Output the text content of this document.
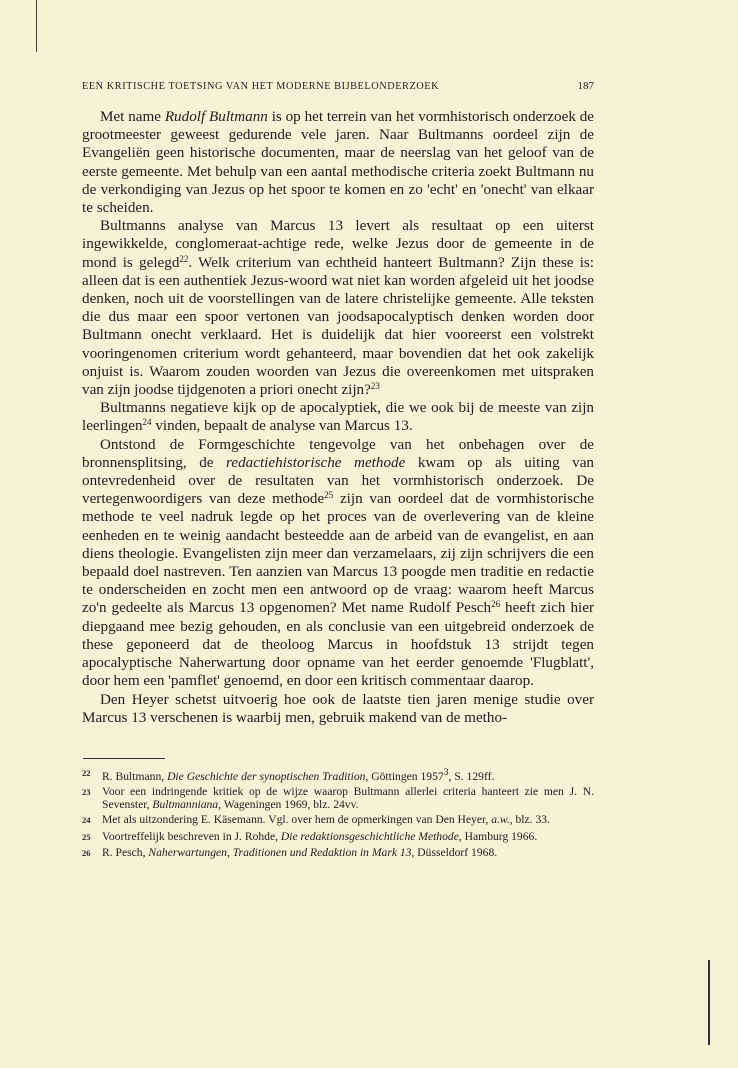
EEN KRITISCHE TOETSING VAN HET MODERNE BIJBELONDERZOEK	187

Met name Rudolf Bultmann is op het terrein van het vormhistorisch onderzoek de grootmeester geweest gedurende vele jaren. Naar Bultmanns oordeel zijn de Evangeliën geen historische documenten, maar de neerslag van het geloof van de eerste gemeente. Met behulp van een aantal methodische criteria zoekt Bultmann nu de verkondiging van Jezus op het spoor te komen en zo 'echt' en 'onecht' van elkaar te scheiden.

Bultmanns analyse van Marcus 13 levert als resultaat op een uiterst ingewikkelde, conglomeraat-achtige rede, welke Jezus door de gemeente in de mond is gelegd$^{22}$. Welk criterium van echtheid hanteert Bultmann? Zijn these is: alleen dat is een authentiek Jezus-woord wat niet kan worden afgeleid uit het joodse denken, noch uit de voorstellingen van de latere christelijke gemeente. Alle teksten die dus maar een spoor vertonen van joodsapocalyptisch denken worden door Bultmann onecht verklaard. Het is duidelijk dat hier vooreerst een volstrekt vooringenomen criterium wordt gehanteerd, maar bovendien dat het ook zakelijk onjuist is. Waarom zouden woorden van Jezus die overeenkomen met uitspraken van zijn joodse tijdgenoten a priori onecht zijn?$^{23}$

Bultmanns negatieve kijk op de apocalyptiek, die we ook bij de meeste van zijn leerlingen$^{24}$ vinden, bepaalt de analyse van Marcus 13.

Ontstond de Formgeschichte tengevolge van het onbehagen over de bronnensplitsing, de redactiehistorische methode kwam op als uiting van ontevredenheid over de resultaten van het vormhistorisch onderzoek. De vertegenwoordigers van deze methode$^{25}$ zijn van oordeel dat de vormhistorische methode te veel nadruk legde op het proces van de overlevering van de kleine eenheden en te weinig aandacht besteedde aan de arbeid van de evangelist, en aan diens theologie. Evangelisten zijn meer dan verzamelaars, zij zijn schrijvers die een bepaald doel nastreven. Ten aanzien van Marcus 13 poogde men traditie en redactie te onderscheiden en zocht men een antwoord op de vraag: waarom heeft Marcus zo'n gedeelte als Marcus 13 opgenomen? Met name Rudolf Pesch$^{26}$ heeft zich hier diepgaand mee bezig gehouden, en als conclusie van een uitgebreid onderzoek de these geponeerd dat de theoloog Marcus in hoofdstuk 13 strijdt tegen apocalyptische Naherwartung door opname van het eerder genoemde 'Flugblatt', door hem een 'pamflet' genoemd, en door een kritisch commentaar daarop.

Den Heyer schetst uitvoerig hoe ook de laatste tien jaren menige studie over Marcus 13 verschenen is waarbij men, gebruik makend van de metho-

22 R. Bultmann, Die Geschichte der synoptischen Tradition, Göttingen 1957$^3$, S. 129ff.
23 Voor een indringende kritiek op de wijze waarop Bultmann allerlei criteria hanteert zie men J. N. Sevenster, Bultmanniana, Wageningen 1969, blz. 24vv.
24 Met als uitzondering E. Käsemann. Vgl. over hem de opmerkingen van Den Heyer, a.w., blz. 33.
25 Voortreffelijk beschreven in J. Rohde, Die redaktionsgeschichtliche Methode, Hamburg 1966.
26 R. Pesch, Naherwartungen, Traditionen und Redaktion in Mark 13, Düsseldorf 1968.
